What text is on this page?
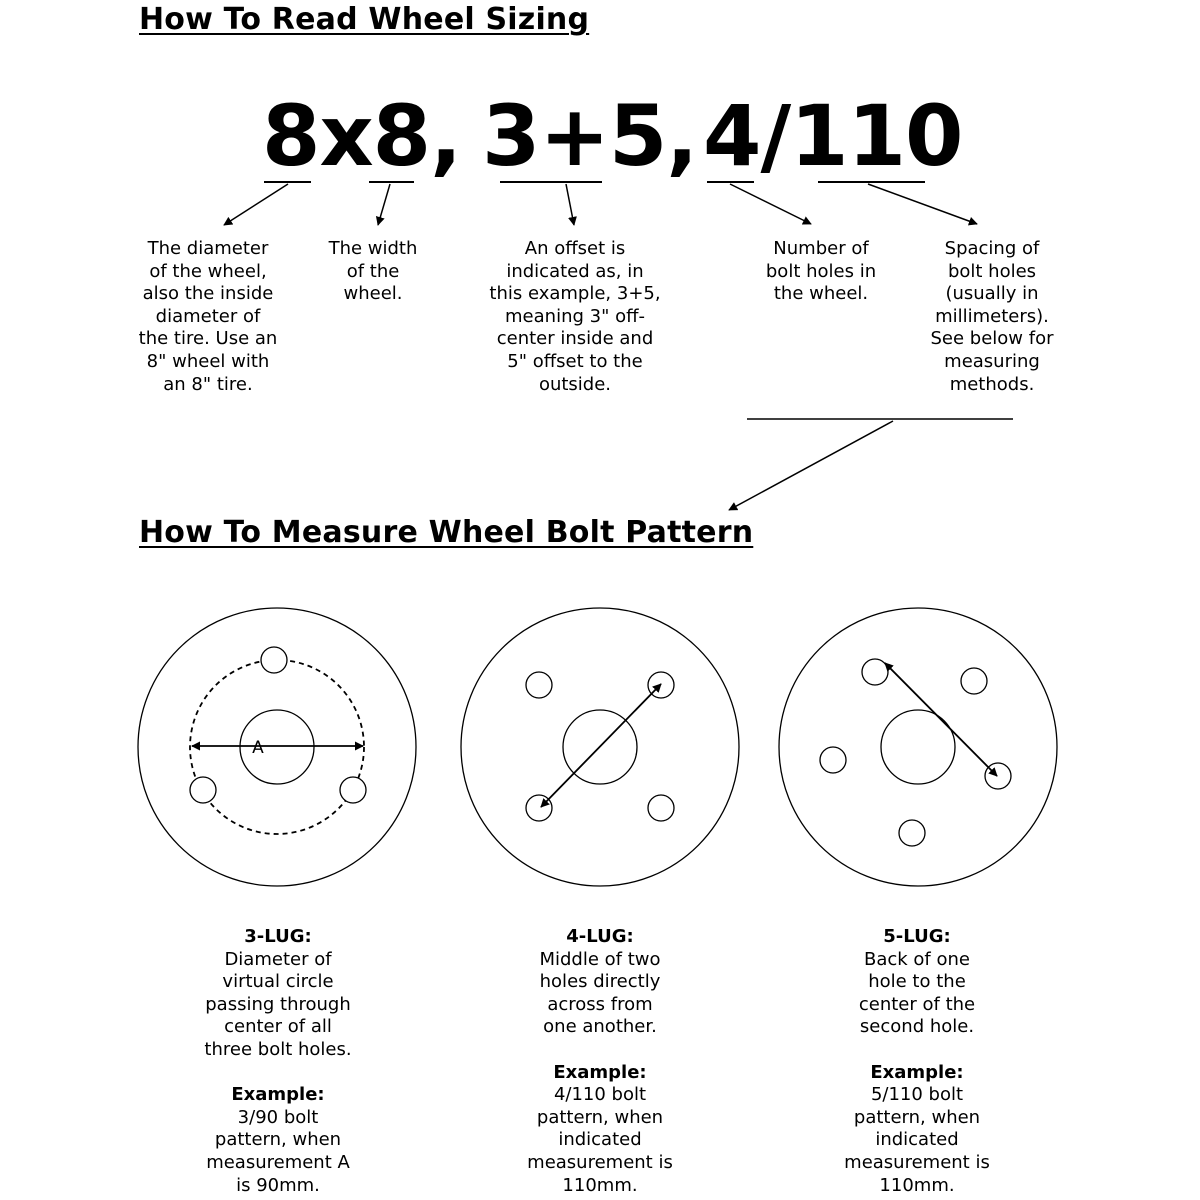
How To Read Wheel Sizing
8x8, 3+5, 4/110

The diameter
of the wheel,
also the inside
diameter of
the tire. Use an
8" wheel with
an 8" tire.

The width
of the
wheel.

An offset is
indicated as, in
this example, 3+5,
meaning 3" off-
center inside and
5" offset to the
outside.

Number of
bolt holes in
the wheel.

Spacing of
bolt holes
(usually in
millimeters).
See below for
measuring
methods.

How To Measure Wheel Bolt Pattern
A
3-LUG:
Diameter of
virtual circle
passing through
center of all
three bolt holes.
Example:
3/90 bolt
pattern, when
measurement A
is 90mm.
4-LUG:
Middle of two
holes directly
across from
one another.
Example:
4/110 bolt
pattern, when
indicated
measurement is
110mm.
5-LUG:
Back of one
hole to the
center of the
second hole.
Example:
5/110 bolt
pattern, when
indicated
measurement is
110mm.
